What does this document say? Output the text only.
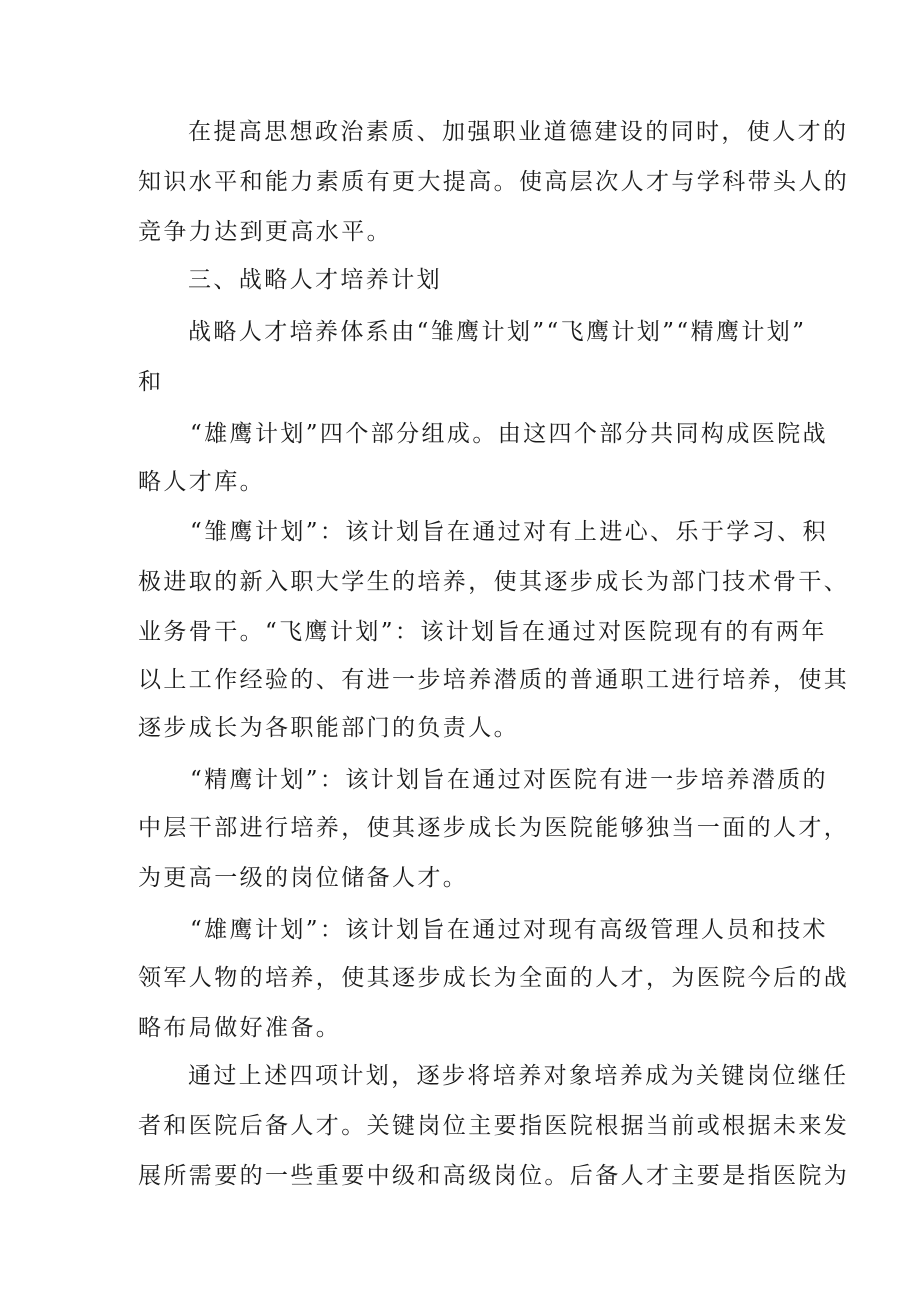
在提高思想政治素质、加强职业道德建设的同时，使人才的

知识水平和能力素质有更大提高。使高层次人才与学科带头人的

竞争力达到更高水平。

三、战略人才培养计划

战略人才培养体系由“雏鹰计划”“飞鹰计划”“精鹰计划”

和

“雄鹰计划”四个部分组成。由这四个部分共同构成医院战

略人才库。

“雏鹰计划”：该计划旨在通过对有上进心、乐于学习、积

极进取的新入职大学生的培养，使其逐步成长为部门技术骨干、

业务骨干。“飞鹰计划”：该计划旨在通过对医院现有的有两年

以上工作经验的、有进一步培养潜质的普通职工进行培养，使其

逐步成长为各职能部门的负责人。

“精鹰计划”：该计划旨在通过对医院有进一步培养潜质的

中层干部进行培养，使其逐步成长为医院能够独当一面的人才，

为更高一级的岗位储备人才。

“雄鹰计划”：该计划旨在通过对现有高级管理人员和技术

领军人物的培养，使其逐步成长为全面的人才，为医院今后的战

略布局做好准备。

通过上述四项计划，逐步将培养对象培养成为关键岗位继任

者和医院后备人才。关键岗位主要指医院根据当前或根据未来发

展所需要的一些重要中级和高级岗位。后备人才主要是指医院为
